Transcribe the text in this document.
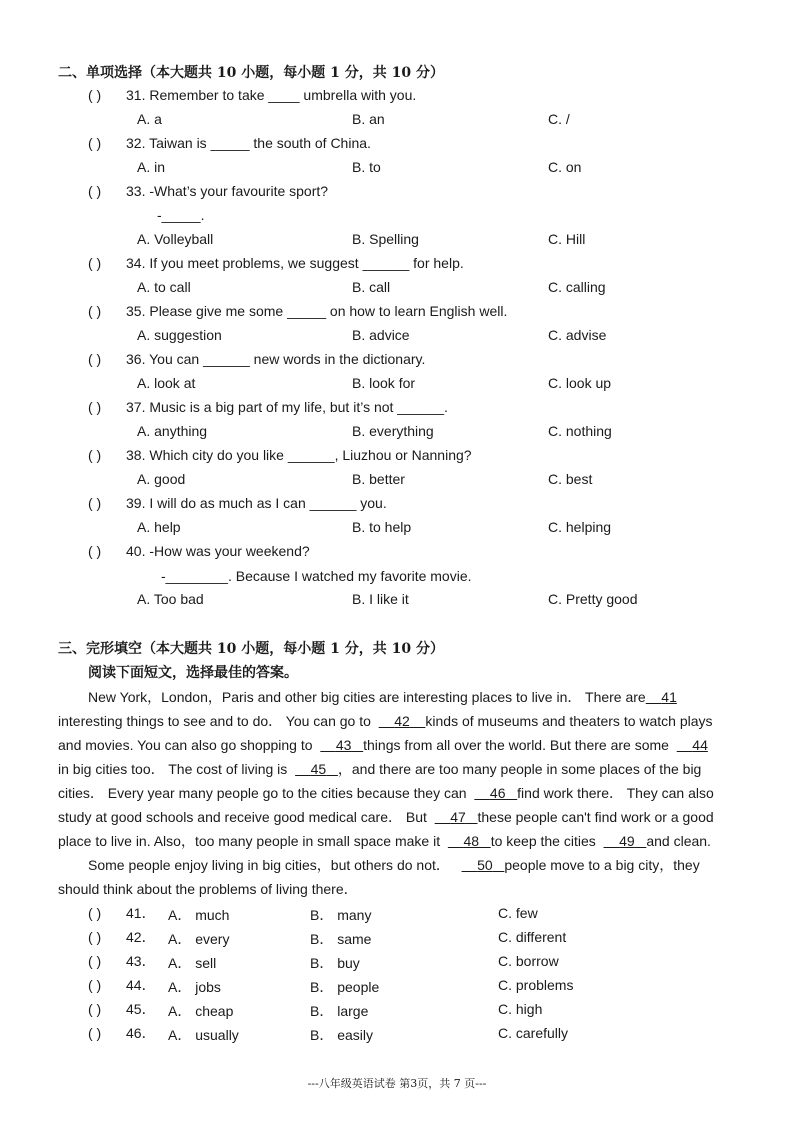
二、单项选择（本大题共 10 小题，每小题 1 分，共 10 分）
( ) 31. Remember to take ____ umbrella with you.
A. a	B. an	C. /
( ) 32. Taiwan is _____ the south of China.
A. in	B. to	C. on
( ) 33. -What’s your favourite sport?
-_____.
A. Volleyball	B. Spelling	C. Hill
( ) 34. If you meet problems, we suggest ______ for help.
A. to call	B. call	C. calling
( ) 35. Please give me some _____ on how to learn English well.
A. suggestion	B. advice	C. advise
( ) 36. You can ______ new words in the dictionary.
A. look at	B. look for	C. look up
( ) 37. Music is a big part of my life, but it’s not ______.
A. anything	B. everything	C. nothing
( ) 38. Which city do you like ______, Liuzhou or Nanning?
A. good	B. better	C. best
( ) 39. I will do as much as I can ______ you.
A. help	B. to help	C. helping
( ) 40. -How was your weekend?
-________. Because I watched my favorite movie.
A. Too bad	B. I like it	C. Pretty good
三、完形填空（本大题共 10 小题，每小题 1 分，共 10 分）
阅读下面短文，选择最佳的答案。
New York，London，Paris and other big cities are interesting places to live in． There are 41
interesting things to see and to do． You can go to 42 kinds of museums and theaters to watch plays
and movies. You can also go shopping to 43 things from all over the world. But there are some 44
in big cities too． The cost of living is 45 ，and there are too many people in some places of the big
cities． Every year many people go to the cities because they can 46 find work there． They can also
study at good schools and receive good medical care． But 47 these people can't find work or a good
place to live in. Also，too many people in small space make it 48 to keep the cities 49 and clean.
Some people enjoy living in big cities，but others do not． 50 people move to a big city，they
should think about the problems of living there．
( ) 41． A． much	B． many	C. few
( ) 42． A． every	B． same	C. different
( ) 43． A． sell	B． buy	C. borrow
( ) 44． A． jobs	B． people	C. problems
( ) 45． A． cheap	B． large	C. high
( ) 46． A． usually	B． easily	C. carefully
---八年级英语试卷 第3页，共 7 页---
